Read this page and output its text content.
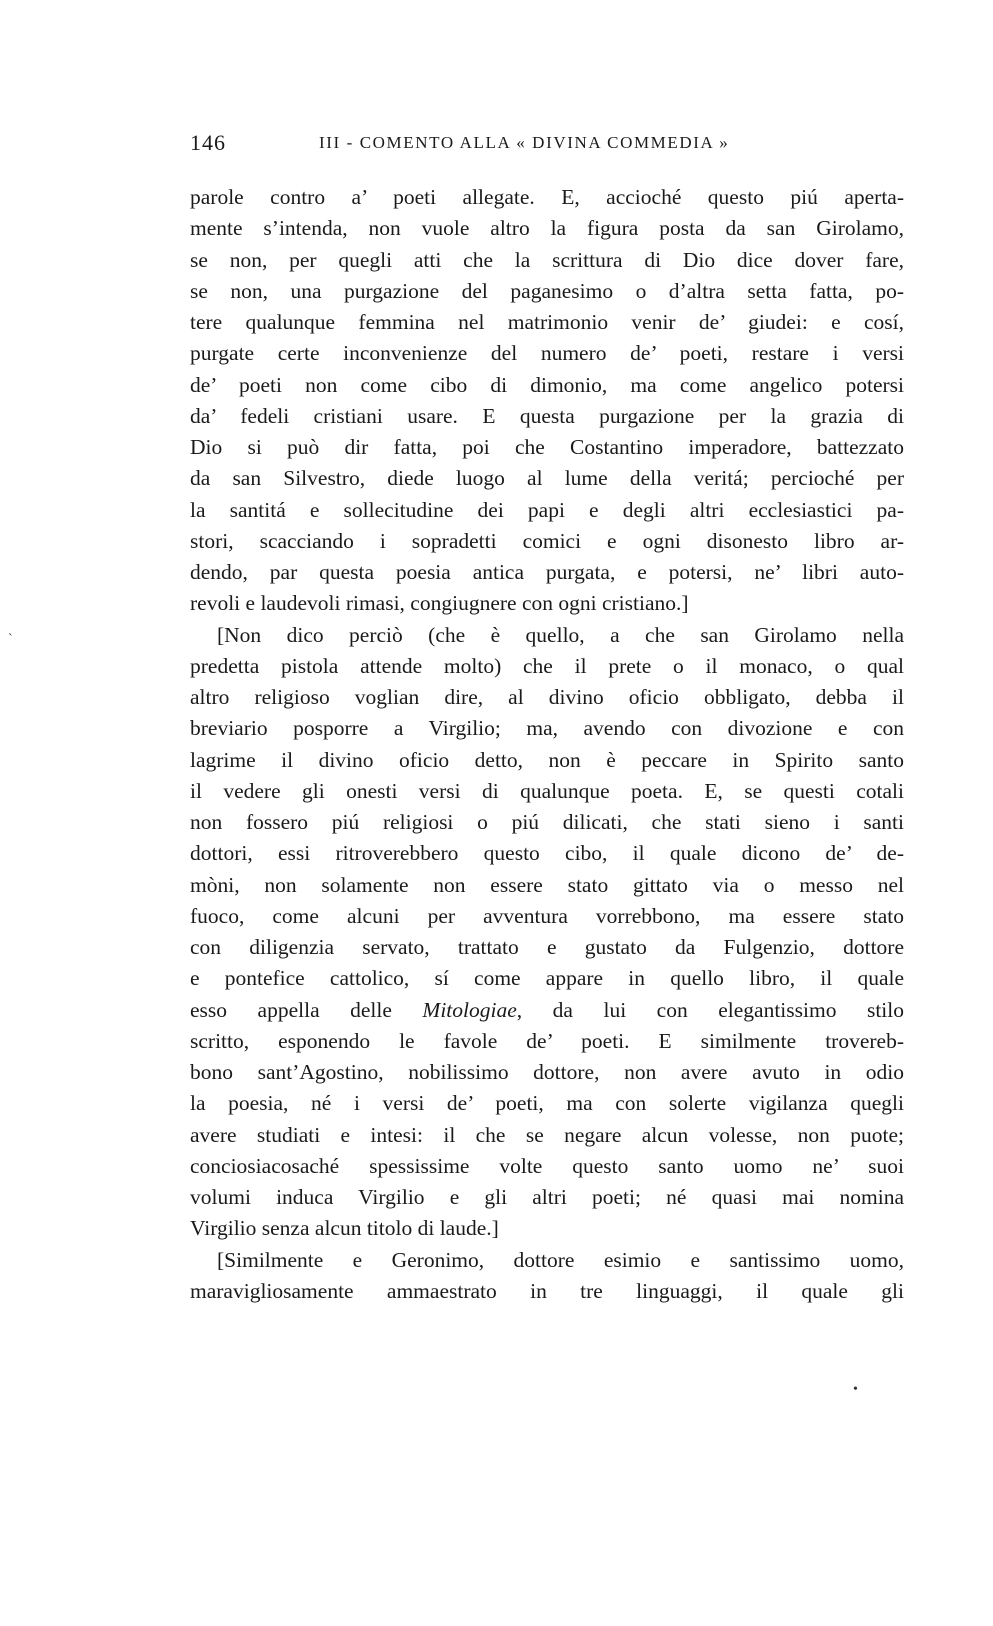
146	III - COMENTO ALLA « DIVINA COMMEDIA »
parole contro a’ poeti allegate. E, accioché questo piú aperta-
mente s’intenda, non vuole altro la figura posta da san Girolamo,
se non, per quegli atti che la scrittura di Dio dice dover fare,
se non, una purgazione del paganesimo o d’altra setta fatta, po-
tere qualunque femmina nel matrimonio venir de’ giudei: e cosí,
purgate certe inconvenienze del numero de’ poeti, restare i versi
de’ poeti non come cibo di dimonio, ma come angelico potersi
da’ fedeli cristiani usare. E questa purgazione per la grazia di
Dio si può dir fatta, poi che Costantino imperadore, battezzato
da san Silvestro, diede luogo al lume della veritá; percioché per
la santitá e sollecitudine dei papi e degli altri ecclesiastici pa-
stori, scacciando i sopradetti comici e ogni disonesto libro ar-
dendo, par questa poesia antica purgata, e potersi, ne’ libri auto-
revoli e laudevoli rimasi, congiugnere con ogni cristiano.]
[Non dico perciò (che è quello, a che san Girolamo nella
predetta pistola attende molto) che il prete o il monaco, o qual
altro religioso voglian dire, al divino oficio obbligato, debba il
breviario posporre a Virgilio; ma, avendo con divozione e con
lagrime il divino oficio detto, non è peccare in Spirito santo
il vedere gli onesti versi di qualunque poeta. E, se questi cotali
non fossero piú religiosi o piú dilicati, che stati sieno i santi
dottori, essi ritroverebbero questo cibo, il quale dicono de’ de-
mòni, non solamente non essere stato gittato via o messo nel
fuoco, come alcuni per avventura vorrebbono, ma essere stato
con diligenzia servato, trattato e gustato da Fulgenzio, dottore
e pontefice cattolico, sí come appare in quello libro, il quale
esso appella delle Mitologiae, da lui con elegantissimo stilo
scritto, esponendo le favole de’ poeti. E similmente trovereb-
bono sant’Agostino, nobilissimo dottore, non avere avuto in odio
la poesia, né i versi de’ poeti, ma con solerte vigilanza quegli
avere studiati e intesi: il che se negare alcun volesse, non puote;
conciosiacosaché spessissime volte questo santo uomo ne’ suoi
volumi induca Virgilio e gli altri poeti; né quasi mai nomina
Virgilio senza alcun titolo di laude.]
[Similmente e Geronimo, dottore esimio e santissimo uomo,
maravigliosamente ammaestrato in tre linguaggi, il quale gli
`
•
